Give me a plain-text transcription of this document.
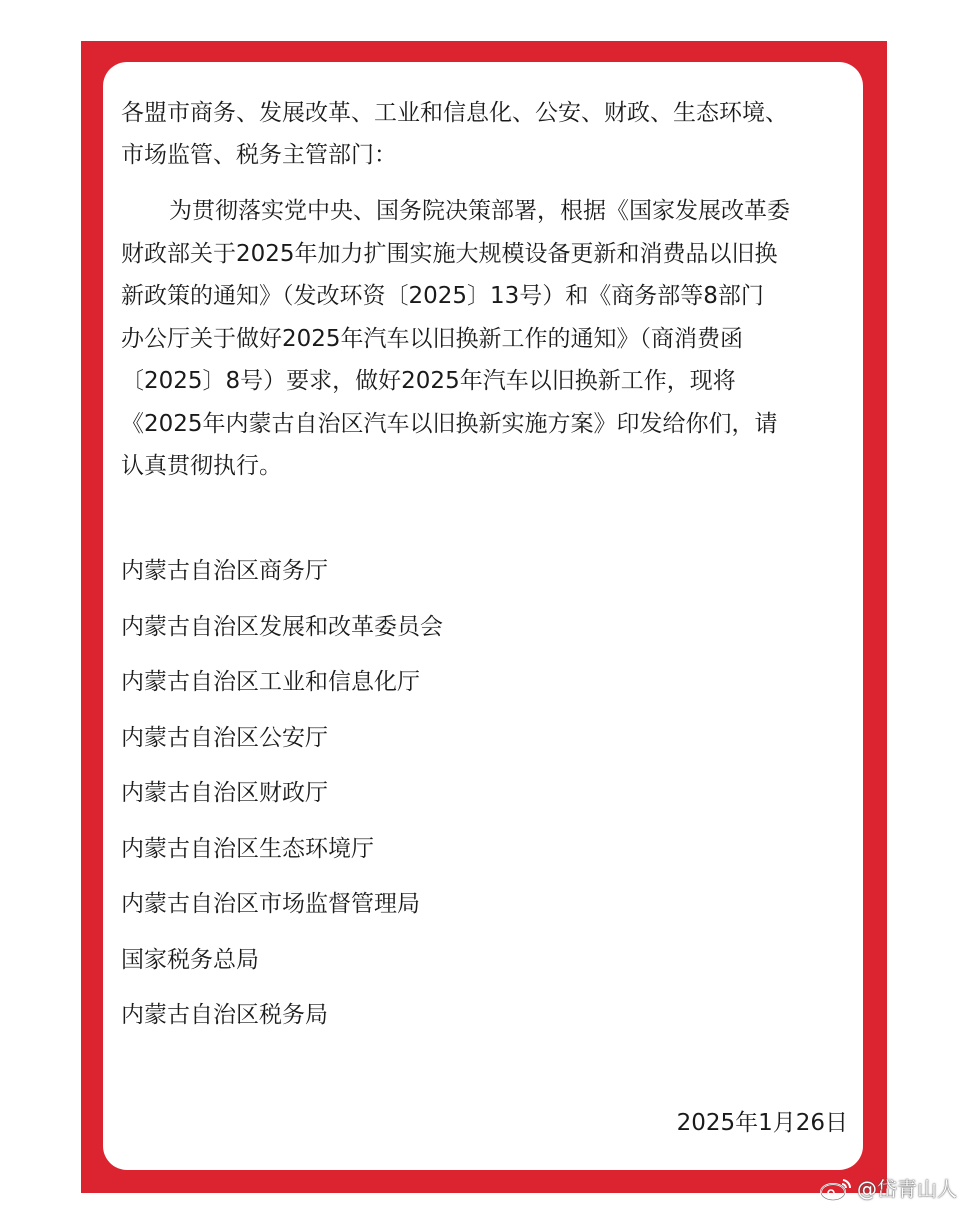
各盟市商务、发展改革、工业和信息化、公安、财政、生态环境、
市场监管、税务主管部门：

为贯彻落实党中央、国务院决策部署，根据《国家发展改革委
财政部关于2025年加力扩围实施大规模设备更新和消费品以旧换
新政策的通知》（发改环资〔2025〕13号）和《商务部等8部门
办公厅关于做好2025年汽车以旧换新工作的通知》（商消费函
〔2025〕8号）要求，做好2025年汽车以旧换新工作，现将
《2025年内蒙古自治区汽车以旧换新实施方案》印发给你们，请
认真贯彻执行。

内蒙古自治区商务厅
内蒙古自治区发展和改革委员会
内蒙古自治区工业和信息化厅
内蒙古自治区公安厅
内蒙古自治区财政厅
内蒙古自治区生态环境厅
内蒙古自治区市场监督管理局
国家税务总局
内蒙古自治区税务局
2025年1月26日
@岱青山人
